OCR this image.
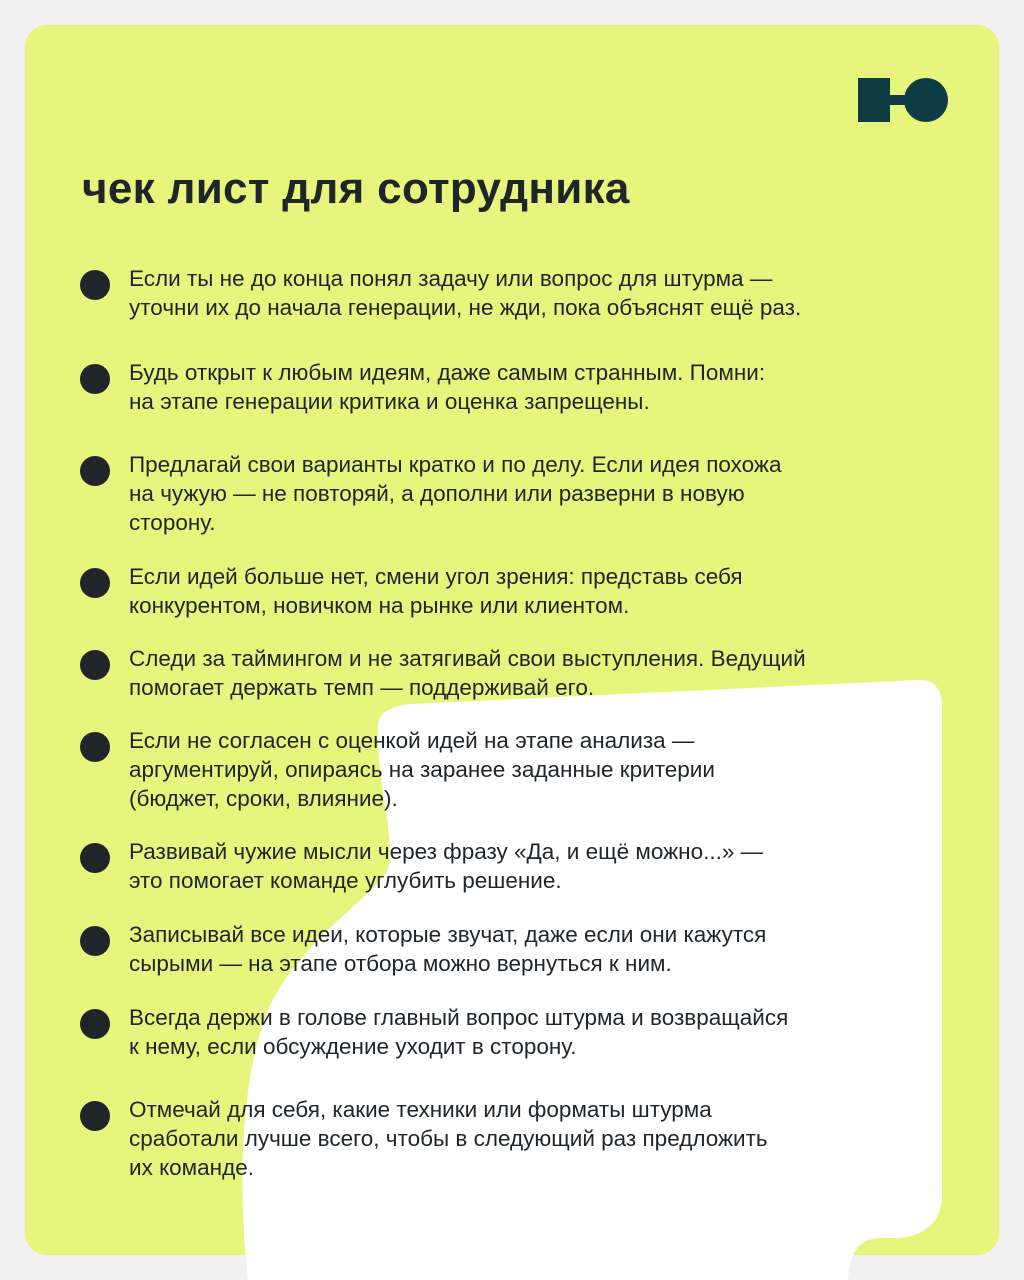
чек лист для сотрудника

Если ты не до конца понял задачу или вопрос для штурма —
уточни их до начала генерации, не жди, пока объяснят ещё раз.

Будь открыт к любым идеям, даже самым странным. Помни:
на этапе генерации критика и оценка запрещены.

Предлагай свои варианты кратко и по делу. Если идея похожа
на чужую — не повторяй, а дополни или разверни в новую
сторону.

Если идей больше нет, смени угол зрения: представь себя
конкурентом, новичком на рынке или клиентом.

Следи за таймингом и не затягивай свои выступления. Ведущий
помогает держать темп — поддерживай его.

Если не согласен с оценкой идей на этапе анализа —
аргументируй, опираясь на заранее заданные критерии
(бюджет, сроки, влияние).

Развивай чужие мысли через фразу «Да, и ещё можно...» —
это помогает команде углубить решение.

Записывай все идеи, которые звучат, даже если они кажутся
сырыми — на этапе отбора можно вернуться к ним.

Всегда держи в голове главный вопрос штурма и возвращайся
к нему, если обсуждение уходит в сторону.

Отмечай для себя, какие техники или форматы штурма
сработали лучше всего, чтобы в следующий раз предложить
их команде.
